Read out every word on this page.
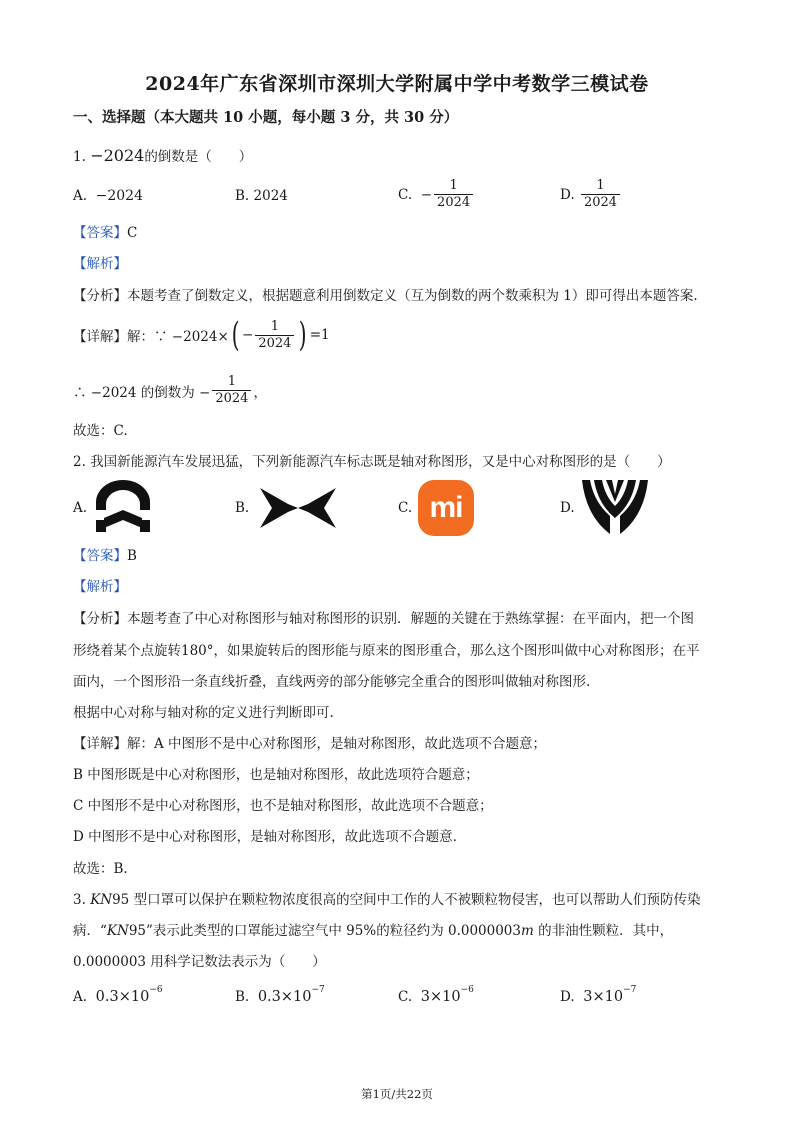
2024年广东省深圳市深圳大学附属中学中考数学三模试卷
一、选择题（本大题共 10 小题，每小题 3 分，共 30 分）
1. −2024的倒数是（　　）
A.
−2024	B.
2024	C.
− $\frac{1}{2024}$	D.
$\frac{1}{2024}$
【答案】C
【解析】
【分析】本题考查了倒数定义，根据题意利用倒数定义（互为倒数的两个数乘积为 1）即可得出本题答案.
【详解】 解：∵ −2024× ( − $\frac{1}{2024}$ ) =1
∴ −2024 的倒数为 − $\frac{1}{2024}$ ，
故选：C.
2. 我国新能源汽车发展迅猛，下列新能源汽车标志既是轴对称图形，又是中心对称图形的是（　　）
A.	B.	C. mi	D.
【答案】B
【解析】
【分析】本题考查了中心对称图形与轴对称图形的识别．解题的关键在于熟练掌握：在平面内，把一个图
形绕着某个点旋转180°，如果旋转后的图形能与原来的图形重合，那么这个图形叫做中心对称图形；在平
面内，一个图形沿一条直线折叠，直线两旁的部分能够完全重合的图形叫做轴对称图形.
根据中心对称与轴对称的定义进行判断即可.
【详解】解：A 中图形不是中心对称图形，是轴对称图形，故此选项不合题意；
B 中图形既是中心对称图形，也是轴对称图形，故此选项符合题意；
C 中图形不是中心对称图形，也不是轴对称图形，故此选项不合题意；
D 中图形不是中心对称图形，是轴对称图形，故此选项不合题意．
故选：B.
3. KN95 型口罩可以保护在颗粒物浓度很高的空间中工作的人不被颗粒物侵害，也可以帮助人们预防传染
病．“KN95”表示此类型的口罩能过滤空气中 95%的粒径约为 0.0000003m 的非油性颗粒．其中，
0.0000003 用科学记数法表示为（　　）
A.
$0.3\times 10^{-6}$	B.
$0.3\times 10^{-7}$	C.
$3\times 10^{-6}$	D.
$3\times 10^{-7}$
第1页/共22页
